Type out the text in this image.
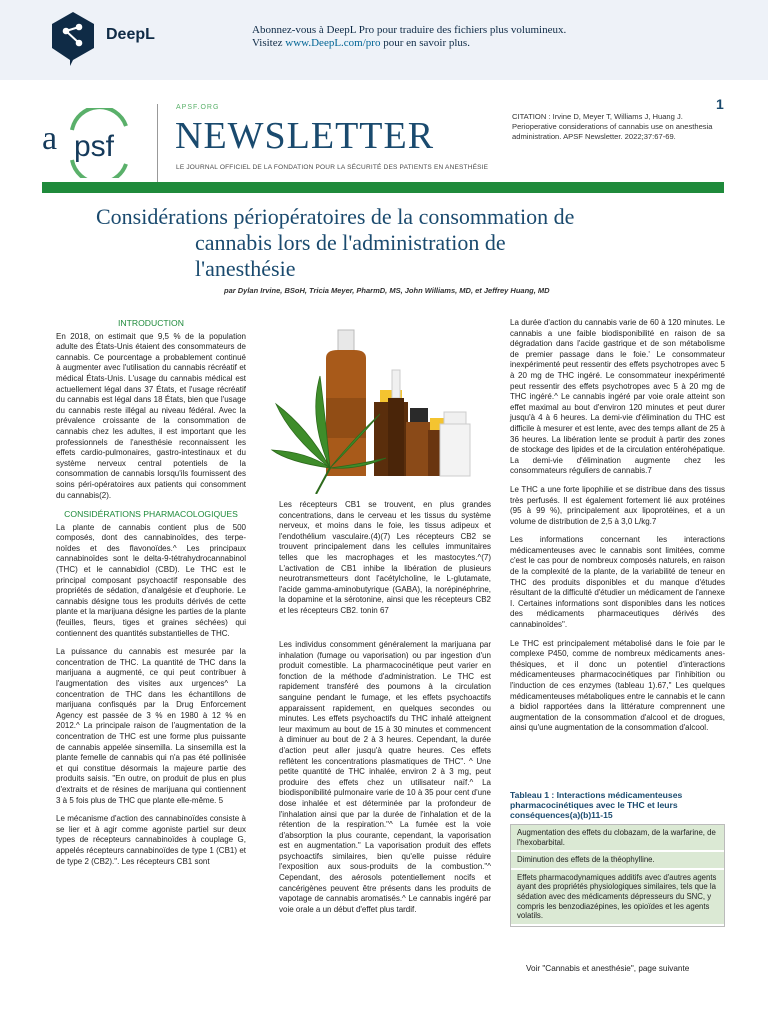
DeepL	Abonnez-vous à DeepL Pro pour traduire des fichiers plus volumineux.
Visitez www.DeepL.com/pro pour en savoir plus.
a psf
APSF.ORG
NEWSLETTER
LE JOURNAL OFFICIEL DE LA FONDATION POUR LA SÉCURITÉ DES PATIENTS EN ANESTHÉSIE
1
CITATION : Irvine D, Meyer T, Williams J, Huang J. Perioperative considerations of cannabis use on anesthesia administration. APSF Newsletter. 2022;37:67-69.
Considérations périopératoires de la consommation de
cannabis lors de l'administration de
l'anesthésie
par Dylan Irvine, BSoH, Tricia Meyer, PharmD, MS, John Williams, MD, et Jeffrey Huang, MD
INTRODUCTION

En 2018, on estimait que 9,5 % de la population adulte des États-Unis étaient des consommateurs de cannabis. Ce pourcentage a probablement continué à augmenter avec l'utilisation du cannabis récréatif et médical États-Unis. L'usage du cannabis médical est actuellement légal dans 37 États, et l'usage récréatif du cannabis est légal dans 18 États, bien que l'usage du cannabis reste illégal au niveau fédéral. Avec la prévalence croissante de la consommation de cannabis chez les adultes, il est important que les professionnels de l'anesthésie reconnaissent les effets cardio-pulmonaires, gastro-intestinaux et du système nerveux central potentiels de la consommation de cannabis lorsqu'ils fournissent des soins péri-opératoires aux patients qui consomment du cannabis(2).

CONSIDÉRATIONS PHARMACOLOGIQUES

La plante de cannabis contient plus de 500 composés, dont des cannabinoïdes, des terpe-noïdes et des flavonoïdes.^ Les principaux cannabinoïdes sont le delta-9-tétrahydrocannabinol (THC) et le cannabidiol (CBD). Le THC est le principal composant psychoactif responsable des propriétés de sédation, d'analgésie et d'euphorie. Le cannabis désigne tous les produits dérivés de cette plante et la marijuana désigne les parties de la plante (feuilles, fleurs, tiges et graines séchées) qui contiennent des quantités substantielles de THC.

La puissance du cannabis est mesurée par la concentration de THC. La quantité de THC dans la marijuana a augmenté, ce qui peut contribuer à l'augmentation des visites aux urgences^ La concentration de THC dans les échantillons de marijuana confisqués par la Drug Enforcement Agency est passée de 3 % en 1980 à 12 % en 2012.^ La principale raison de l'augmentation de la concentration de THC est une forme plus puissante de cannabis appelée sinsemilla. La sinsemilla est la plante femelle de cannabis qui n'a pas été pollinisée et qui constitue désormais la majeure partie des produits saisis. "En outre, on produit de plus en plus d'extraits et de résines de marijuana qui contiennent 3 à 5 fois plus de THC que plante elle-même. 5

Le mécanisme d'action des cannabinoïdes consiste à se lier et à agir comme agoniste partiel sur deux types de récepteurs cannabinoïdes à couplage G, appelés récepteurs cannabinoïdes de type 1 (CB1) et de type 2 (CB2).". Les récepteurs CB1 sont

Les récepteurs CB1 se trouvent, en plus grandes concentrations, dans le cerveau et les tissus du système nerveux, et moins dans le foie, les tissus adipeux et l'endothélium vasculaire.(4)(7) Les récepteurs CB2 se trouvent principalement dans les cellules immunitaires telles que les macrophages et les mastocytes.^(7) L'activation de CB1 inhibe la libération de plusieurs neurotransmetteurs dont l'acétylcholine, le L-glutamate, l'acide gamma-aminobutyrique (GABA), la norépinéphrine, la dopamine et la sérotonine, ainsi que les récepteurs CB2 et les récepteurs CB2. tonin 67

Les individus consomment généralement la marijuana par inhalation (fumage ou vaporisation) ou par ingestion d'un produit comestible. La pharmacocinétique peut varier en fonction de la méthode d'administration. Le THC est rapidement transféré des poumons à la circulation sanguine pendant le fumage, et les effets psychoactifs apparaissent rapidement, en quelques secondes ou minutes. Les effets psychoactifs du THC inhalé atteignent leur maximum au bout de 15 à 30 minutes et commencent à diminuer au bout de 2 à 3 heures. Cependant, la durée d'action peut aller jusqu'à quatre heures. Ces effets reflètent les concentrations plasmatiques de THC". ^ Une petite quantité de THC inhalée, environ 2 à 3 mg, peut produire des effets chez un utilisateur naïf.^ La biodisponibilité pulmonaire varie de 10 à 35 pour cent d'une dose inhalée et est déterminée par la profondeur de l'inhalation ainsi que par la durée de l'inhalation et de la rétention de la respiration."^ La fumée est la voie d'absorption la plus courante, cependant, la vaporisation est en augmentation." La vaporisation produit des effets psychoactifs similaires, bien qu'elle puisse réduire l'exposition aux sous-produits de la combustion."^ Cependant, des aérosols potentiellement nocifs et cancérigènes peuvent être présents dans les produits de vapotage de cannabis aromatisés.^ Le cannabis ingéré par voie orale a un début d'effet plus tardif.

La durée d'action du cannabis varie de 60 à 120 minutes. Le cannabis a une faible biodisponibilité en raison de sa dégradation dans l'acide gastrique et de son métabolisme de premier passage dans le foie.' Le consommateur inexpérimenté peut ressentir des effets psychotropes avec 5 à 20 mg de THC ingéré. Le consommateur inexpérimenté peut ressentir des effets psychotropes avec 5 à 20 mg de THC ingéré.^ Le cannabis ingéré par voie orale atteint son effet maximal au bout d'environ 120 minutes et peut durer jusqu'à 4 à 6 heures. La demi-vie d'élimination du THC est difficile à mesurer et est lente, avec des temps allant de 25 à 36 heures. La libération lente se produit à partir des zones de stockage des lipides et de la circulation entérohépatique. La demi-vie d'élimination augmente chez les consommateurs réguliers de cannabis.7

Le THC a une forte lipophilie et se distribue dans des tissus très perfusés. Il est également fortement lié aux protéines (95 à 99 %), principalement aux lipoprotéines, et a un volume de distribution de 2,5 à 3,0 L/kg.7

Les informations concernant les interactions médicamenteuses avec le cannabis sont limitées, comme c'est le cas pour de nombreux composés naturels, en raison de la complexité de la plante, de la variabilité de teneur en THC des produits disponibles et du manque d'études résultant de la difficulté d'étudier un médicament de l'annexe I. Certaines informations sont disponibles dans les notices des médicaments pharmaceutiques dérivés des cannabinoïdes".

Le THC est principalement métabolisé dans le foie par le complexe P450, comme de nombreux médicaments anes- thésiques, et il donc un potentiel d'interactions médicamenteuses pharmacocinétiques par l'inhibition ou l'induction de ces enzymes (tableau 1).67," Les quelques médicamenteuses métaboliques entre le cannabis et le cann a bidiol rapportées dans la littérature comprennent une augmentation de la consommation d'alcool et de drogues, ainsi qu'une augmentation de la consommation d'alcool.

Tableau 1 : Interactions médicamenteuses pharmacocinétiques avec le THC et leurs conséquences(a)(b)11-15
Augmentation des effets du clobazam, de la warfarine, de l'hexobarbital.
Diminution des effets de la théophylline.
Effets pharmacodynamiques additifs avec d'autres agents ayant des propriétés physiologiques similaires, tels que la sédation avec des médicaments dépresseurs du SNC, y compris les benzodiazépines, les opioïdes et les agents volatils.
Voir "Cannabis et anesthésie", page suivante
